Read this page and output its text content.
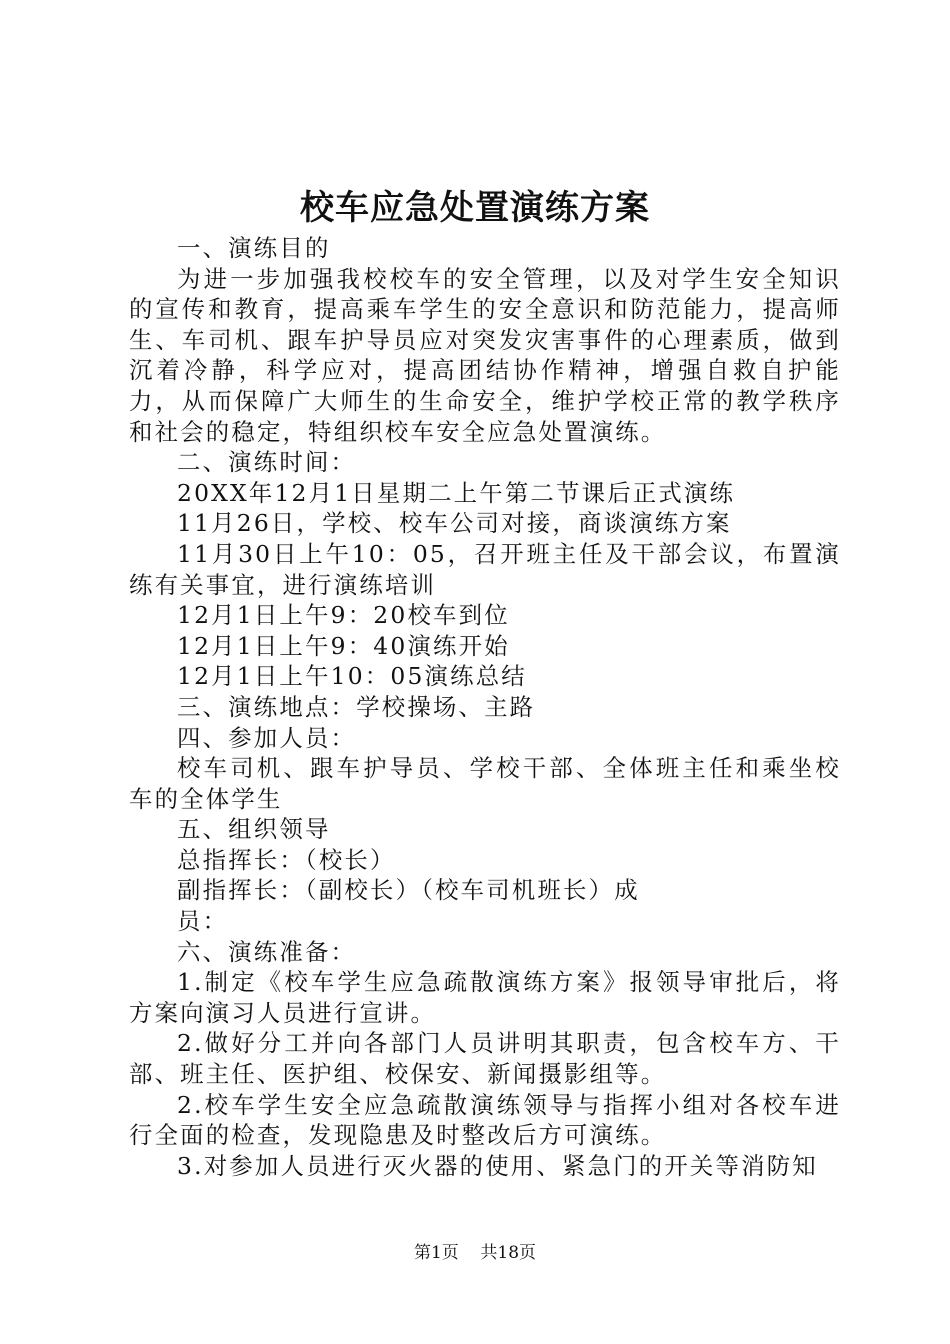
校车应急处置演练方案

一、演练目的

为进一步加强我校校车的安全管理，以及对学生安全知识的宣传和教育，提高乘车学生的安全意识和防范能力，提高师生、车司机、跟车护导员应对突发灾害事件的心理素质，做到沉着冷静，科学应对，提高团结协作精神，增强自救自护能力，从而保障广大师生的生命安全，维护学校正常的教学秩序和社会的稳定，特组织校车安全应急处置演练。

二、演练时间：

20XX年12月1日星期二上午第二节课后正式演练

11月26日，学校、校车公司对接，商谈演练方案

11月30日上午10：05，召开班主任及干部会议，布置演练有关事宜，进行演练培训

12月1日上午9：20校车到位

12月1日上午9：40演练开始

12月1日上午10：05演练总结

三、演练地点：学校操场、主路

四、参加人员：

校车司机、跟车护导员、学校干部、全体班主任和乘坐校车的全体学生

五、组织领导

总指挥长：（校长）

副指挥长：（副校长）（校车司机班长）成

员：

六、演练准备：

1.制定《校车学生应急疏散演练方案》报领导审批后，将方案向演习人员进行宣讲。

2.做好分工并向各部门人员讲明其职责，包含校车方、干部、班主任、医护组、校保安、新闻摄影组等。

2.校车学生安全应急疏散演练领导与指挥小组对各校车进行全面的检查，发现隐患及时整改后方可演练。

3.对参加人员进行灭火器的使用、紧急门的开关等消防知

第1页 共18页
